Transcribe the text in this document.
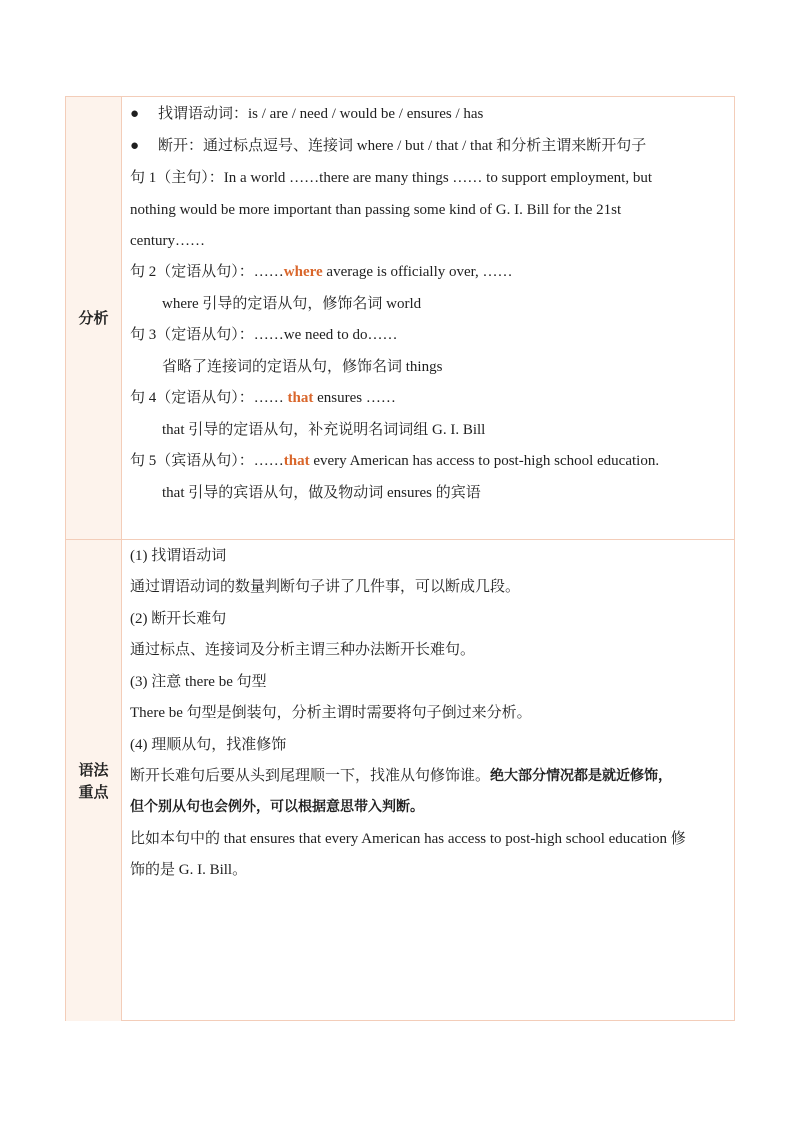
分析
● 找谓语动词：is / are / need / would be / ensures / has
● 断开：通过标点逗号、连接词 where / but / that / that 和分析主谓来断开句子
句 1（主句）：In a world ……there are many things …… to support employment, but
nothing would be more important than passing some kind of G. I. Bill for the 21st
century……
句 2（定语从句）：……where average is officially over, ……
where 引导的定语从句，修饰名词 world
句 3（定语从句）：……we need to do……
省略了连接词的定语从句，修饰名词 things
句 4（定语从句）：…… that ensures ……
that 引导的定语从句，补充说明名词词组 G. I. Bill
句 5（宾语从句）：……that every American has access to post-high school education.
that 引导的宾语从句，做及物动词 ensures 的宾语
语法
重点
(1) 找谓语动词
通过谓语动词的数量判断句子讲了几件事，可以断成几段。
(2) 断开长难句
通过标点、连接词及分析主谓三种办法断开长难句。
(3) 注意 there be 句型
There be 句型是倒装句，分析主谓时需要将句子倒过来分析。
(4) 理顺从句，找准修饰
断开长难句后要从头到尾理顺一下，找准从句修饰谁。绝大部分情况都是就近修饰，
但个别从句也会例外，可以根据意思带入判断。
比如本句中的 that ensures that every American has access to post-high school education 修
饰的是 G. I. Bill。
